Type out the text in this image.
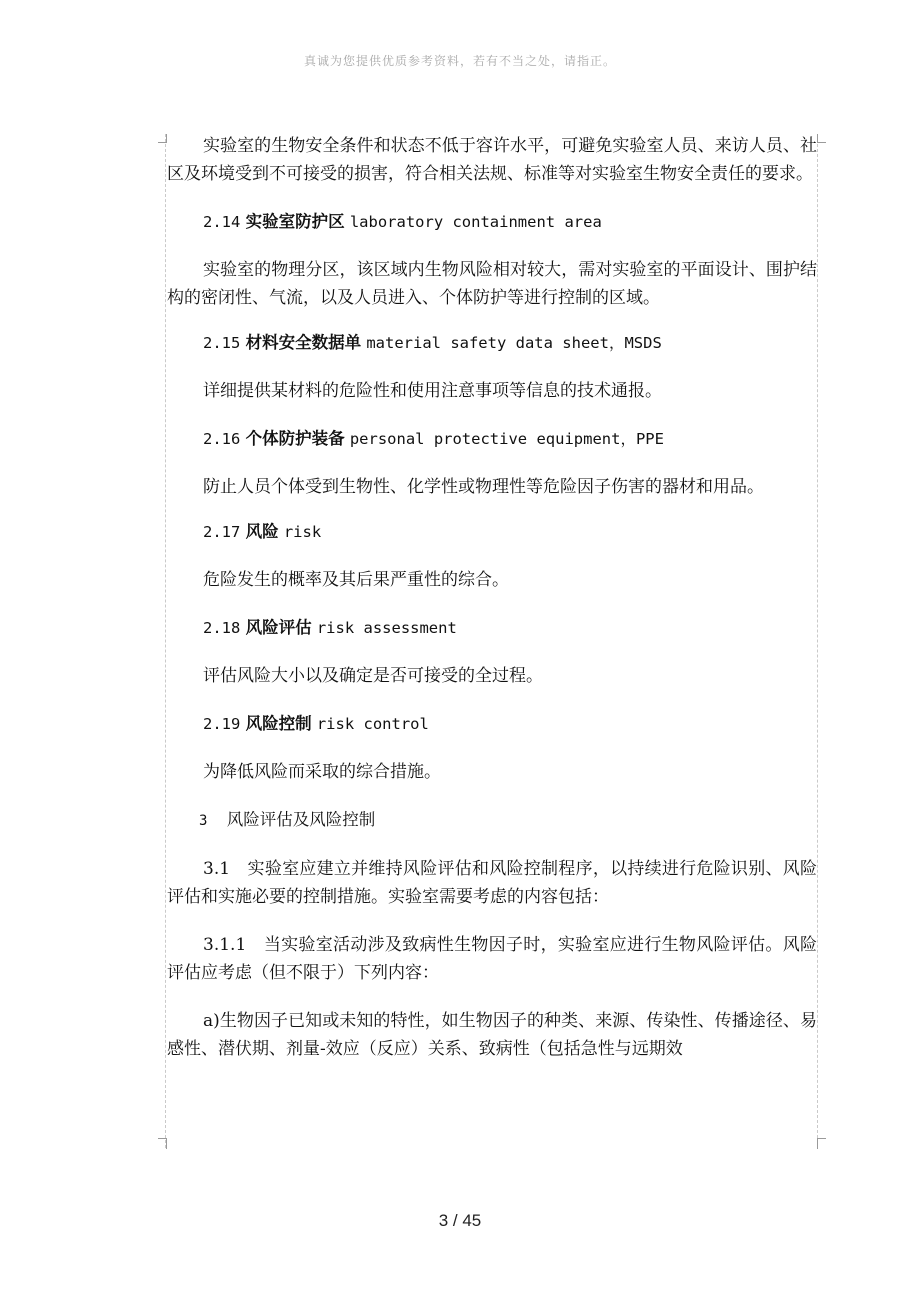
真诚为您提供优质参考资料，若有不当之处，请指正。

实验室的生物安全条件和状态不低于容许水平，可避免实验室人员、来访人员、社区及环境受到不可接受的损害，符合相关法规、标准等对实验室生物安全责任的要求。

2.14 实验室防护区 laboratory containment area

实验室的物理分区，该区域内生物风险相对较大，需对实验室的平面设计、围护结构的密闭性、气流，以及人员进入、个体防护等进行控制的区域。

2.15 材料安全数据单 material safety data sheet，MSDS

详细提供某材料的危险性和使用注意事项等信息的技术通报。

2.16 个体防护装备 personal protective equipment，PPE

防止人员个体受到生物性、化学性或物理性等危险因子伤害的器材和用品。

2.17 风险 risk

危险发生的概率及其后果严重性的综合。

2.18 风险评估 risk assessment

评估风险大小以及确定是否可接受的全过程。

2.19 风险控制 risk control

为降低风险而采取的综合措施。

3 风险评估及风险控制

3.1　实验室应建立并维持风险评估和风险控制程序，以持续进行危险识别、风险评估和实施必要的控制措施。实验室需要考虑的内容包括：

3.1.1　当实验室活动涉及致病性生物因子时，实验室应进行生物风险评估。风险评估应考虑（但不限于）下列内容：

a)生物因子已知或未知的特性，如生物因子的种类、来源、传染性、传播途径、易感性、潜伏期、剂量-效应（反应）关系、致病性（包括急性与远期效

3 / 45
